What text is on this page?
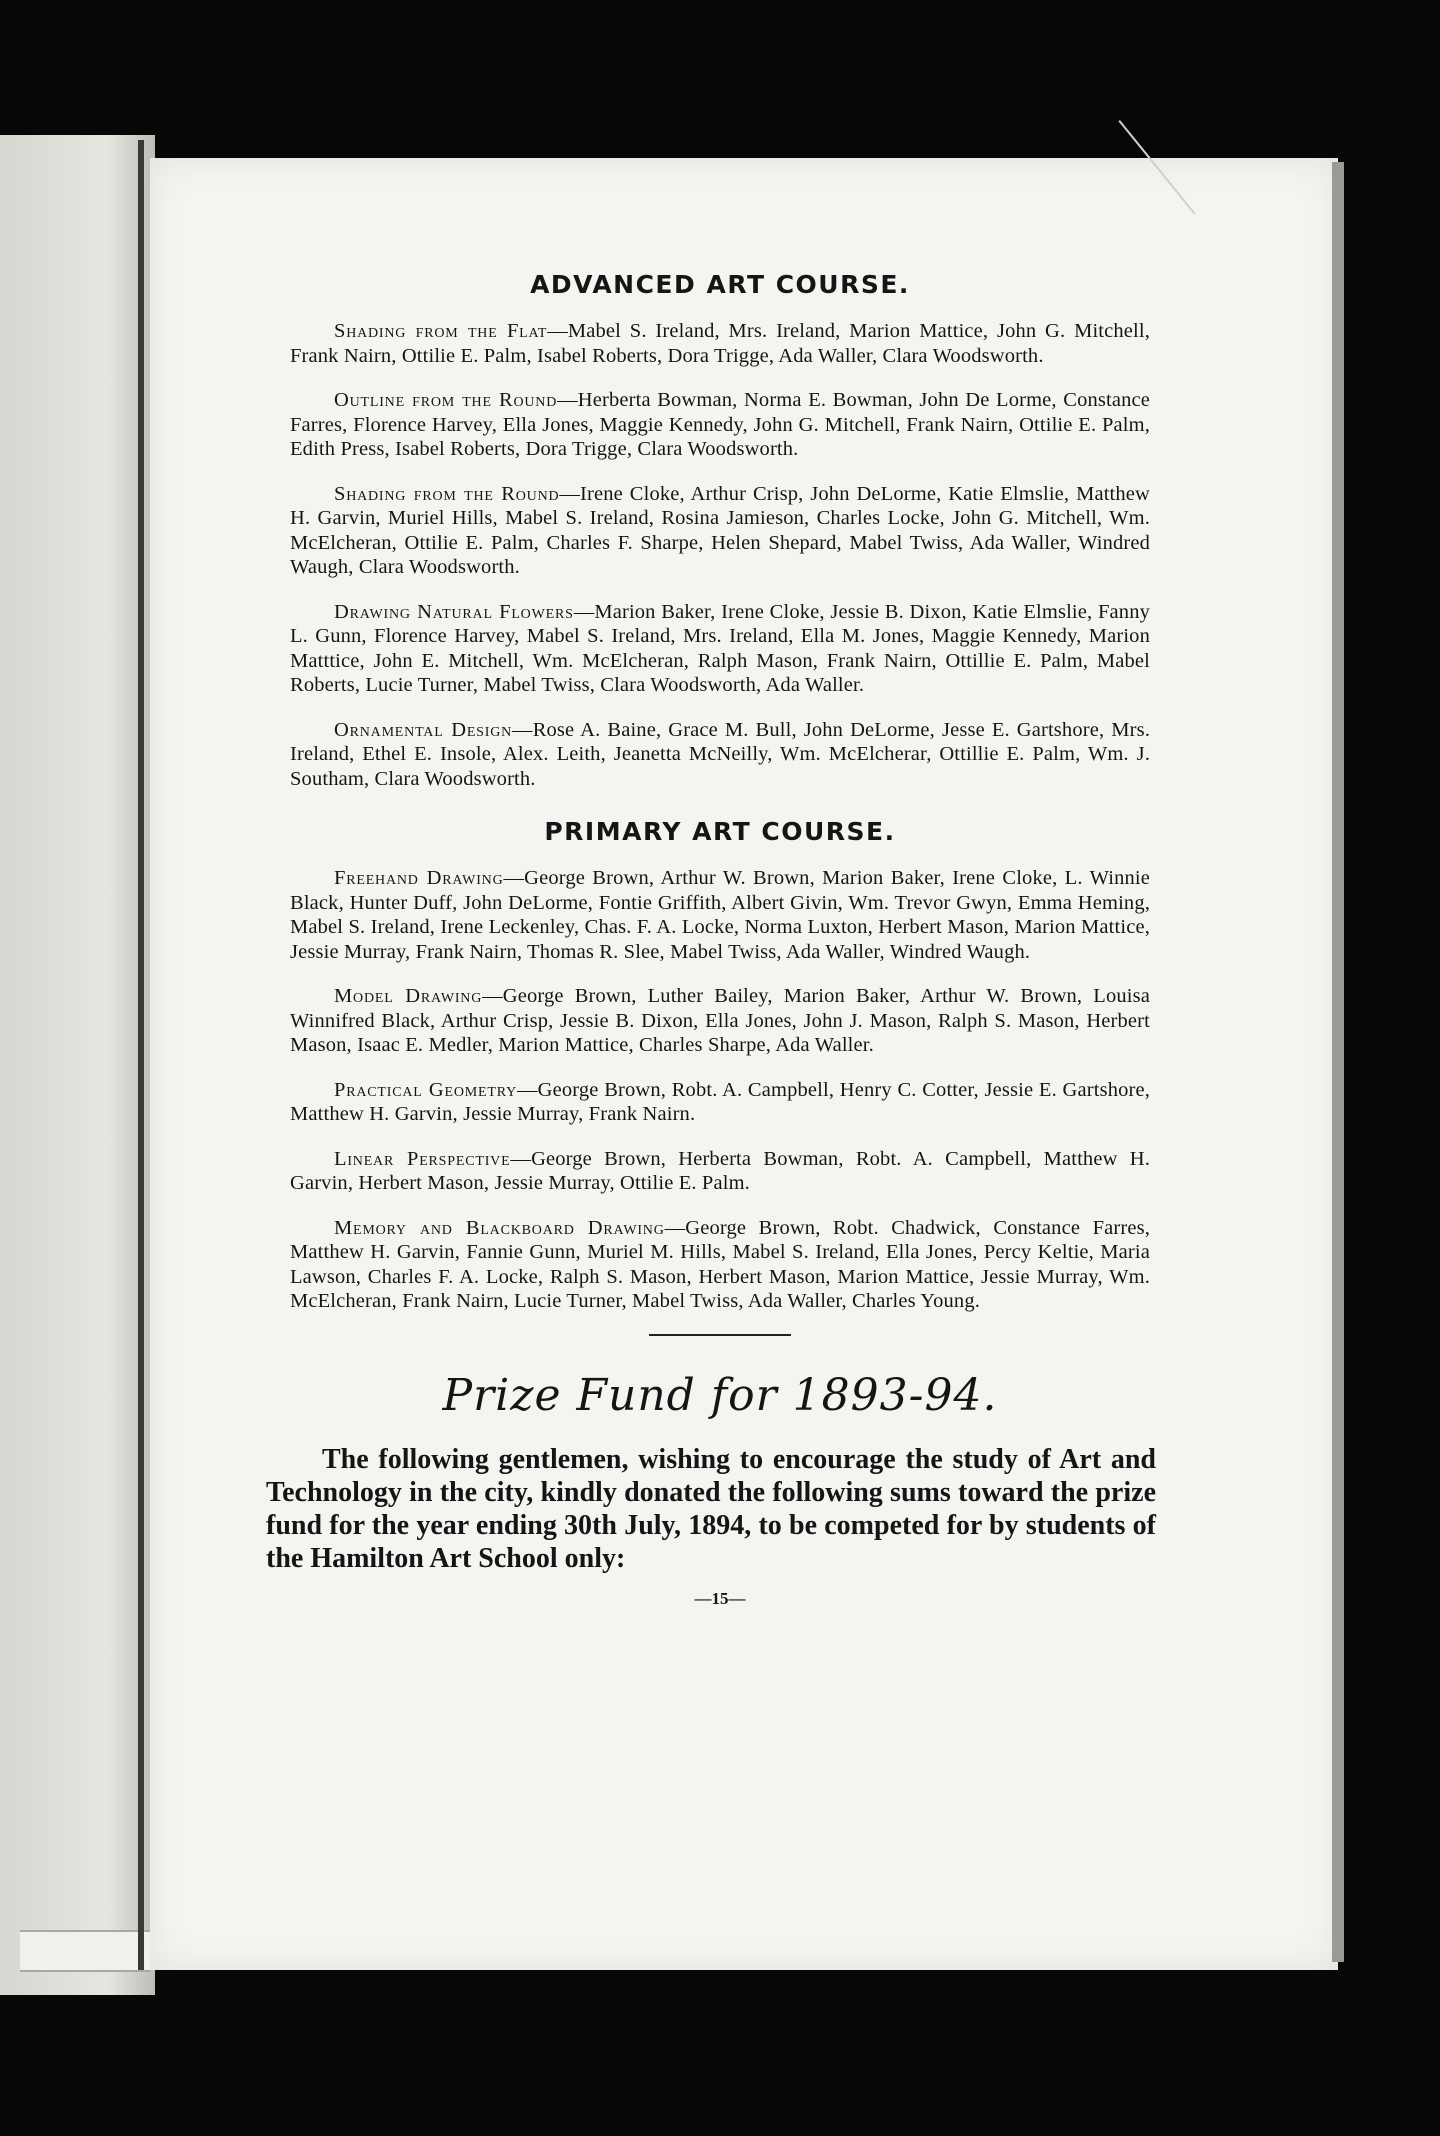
ADVANCED ART COURSE.

Shading from the Flat—Mabel S. Ireland, Mrs. Ireland, Marion Mattice, John G. Mitchell, Frank Nairn, Ottilie E. Palm, Isabel Roberts, Dora Trigge, Ada Waller, Clara Woodsworth.

Outline from the Round—Herberta Bowman, Norma E. Bowman, John De Lorme, Constance Farres, Florence Harvey, Ella Jones, Maggie Kennedy, John G. Mitchell, Frank Nairn, Ottilie E. Palm, Edith Press, Isabel Roberts, Dora Trigge, Clara Woodsworth.

Shading from the Round—Irene Cloke, Arthur Crisp, John DeLorme, Katie Elmslie, Matthew H. Garvin, Muriel Hills, Mabel S. Ireland, Rosina Jamieson, Charles Locke, John G. Mitchell, Wm. McElcheran, Ottilie E. Palm, Charles F. Sharpe, Helen Shepard, Mabel Twiss, Ada Waller, Windred Waugh, Clara Woodsworth.

Drawing Natural Flowers—Marion Baker, Irene Cloke, Jessie B. Dixon, Katie Elmslie, Fanny L. Gunn, Florence Harvey, Mabel S. Ireland, Mrs. Ireland, Ella M. Jones, Maggie Kennedy, Marion Matttice, John E. Mitchell, Wm. McElcheran, Ralph Mason, Frank Nairn, Ottillie E. Palm, Mabel Roberts, Lucie Turner, Mabel Twiss, Clara Woodsworth, Ada Waller.

Ornamental Design—Rose A. Baine, Grace M. Bull, John DeLorme, Jesse E. Gartshore, Mrs. Ireland, Ethel E. Insole, Alex. Leith, Jeanetta McNeilly, Wm. McElcherar, Ottillie E. Palm, Wm. J. Southam, Clara Woodsworth.

PRIMARY ART COURSE.

Freehand Drawing—George Brown, Arthur W. Brown, Marion Baker, Irene Cloke, L. Winnie Black, Hunter Duff, John DeLorme, Fontie Griffith, Albert Givin, Wm. Trevor Gwyn, Emma Heming, Mabel S. Ireland, Irene Leckenley, Chas. F. A. Locke, Norma Luxton, Herbert Mason, Marion Mattice, Jessie Murray, Frank Nairn, Thomas R. Slee, Mabel Twiss, Ada Waller, Windred Waugh.

Model Drawing—George Brown, Luther Bailey, Marion Baker, Arthur W. Brown, Louisa Winnifred Black, Arthur Crisp, Jessie B. Dixon, Ella Jones, John J. Mason, Ralph S. Mason, Herbert Mason, Isaac E. Medler, Marion Mattice, Charles Sharpe, Ada Waller.

Practical Geometry—George Brown, Robt. A. Campbell, Henry C. Cotter, Jessie E. Gartshore, Matthew H. Garvin, Jessie Murray, Frank Nairn.

Linear Perspective—George Brown, Herberta Bowman, Robt. A. Campbell, Matthew H. Garvin, Herbert Mason, Jessie Murray, Ottilie E. Palm.

Memory and Blackboard Drawing—George Brown, Robt. Chadwick, Constance Farres, Matthew H. Garvin, Fannie Gunn, Muriel M. Hills, Mabel S. Ireland, Ella Jones, Percy Keltie, Maria Lawson, Charles F. A. Locke, Ralph S. Mason, Herbert Mason, Marion Mattice, Jessie Murray, Wm. McElcheran, Frank Nairn, Lucie Turner, Mabel Twiss, Ada Waller, Charles Young.

Prize Fund for 1893-94.

The following gentlemen, wishing to encourage the study of Art and Technology in the city, kindly donated the following sums toward the prize fund for the year ending 30th July, 1894, to be competed for by students of the Hamilton Art School only:

—15—
